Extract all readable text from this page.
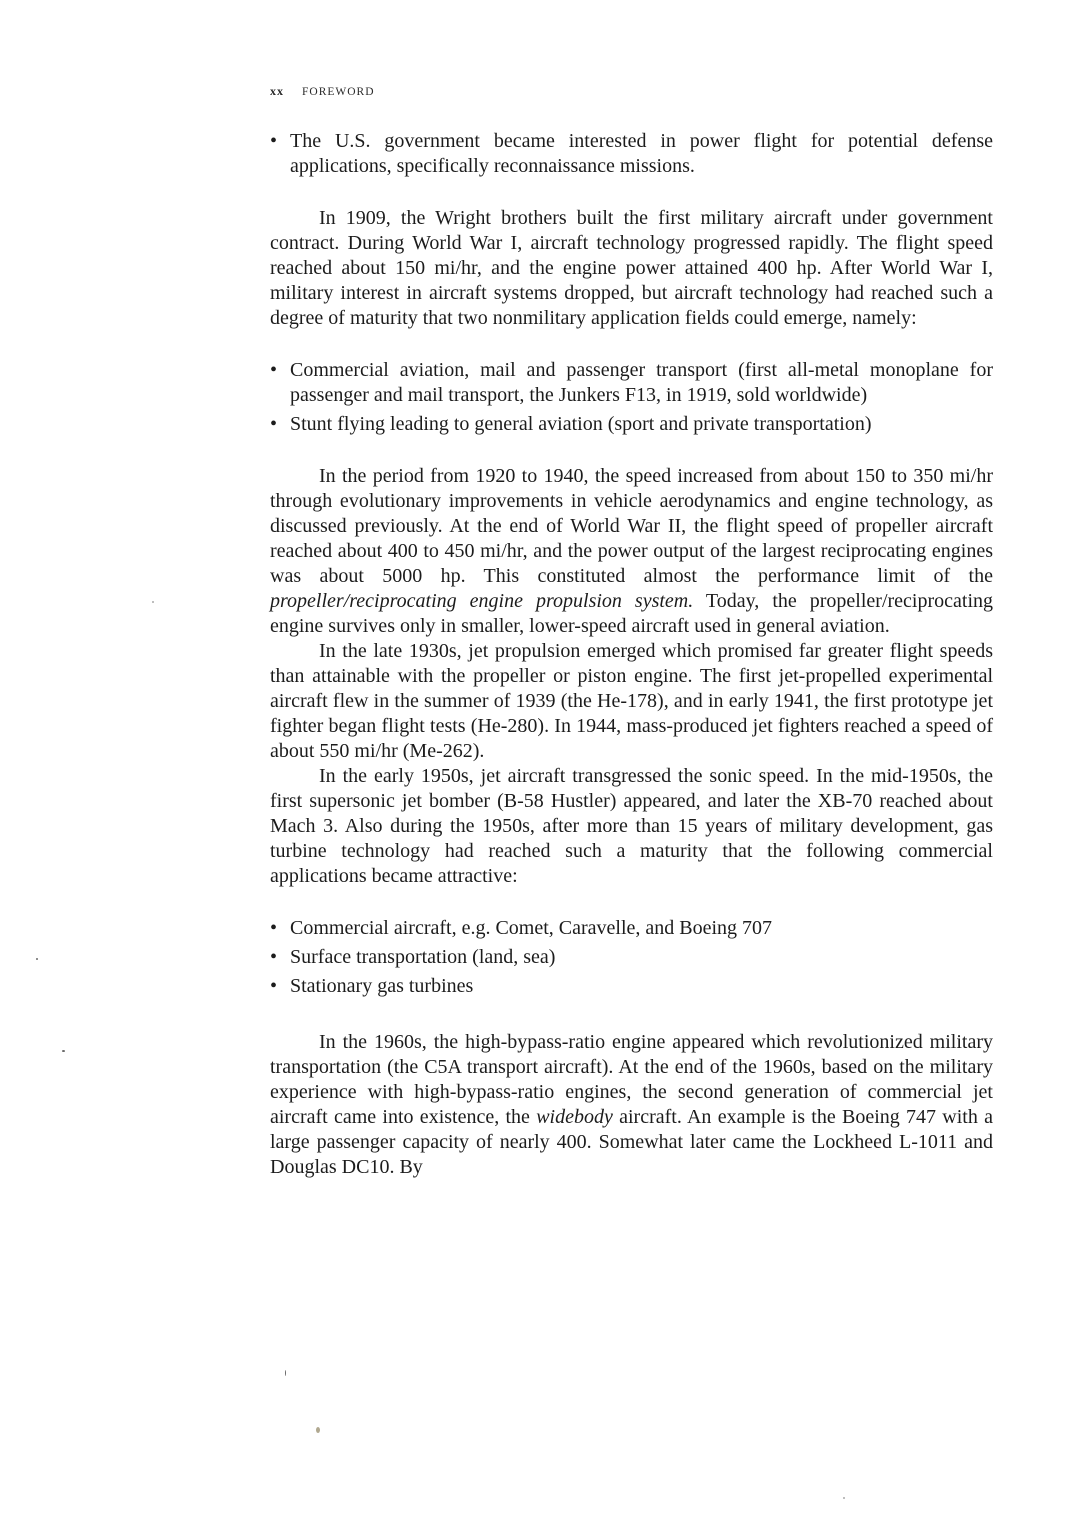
xx FOREWORD
• The U.S. government became interested in power flight for potential defense applications, specifically reconnaissance missions.

In 1909, the Wright brothers built the first military aircraft under government contract. During World War I, aircraft technology progressed rapidly. The flight speed reached about 150 mi/hr, and the engine power attained 400 hp. After World War I, military interest in aircraft systems dropped, but aircraft technology had reached such a degree of maturity that two nonmilitary application fields could emerge, namely:

• Commercial aviation, mail and passenger transport (first all-metal monoplane for passenger and mail transport, the Junkers F13, in 1919, sold worldwide)
• Stunt flying leading to general aviation (sport and private transportation)

In the period from 1920 to 1940, the speed increased from about 150 to 350 mi/hr through evolutionary improvements in vehicle aerodynamics and engine technology, as discussed previously. At the end of World War II, the flight speed of propeller aircraft reached about 400 to 450 mi/hr, and the power output of the largest reciprocating engines was about 5000 hp. This constituted almost the performance limit of the propeller/reciprocating engine propulsion system. Today, the propeller/reciprocating engine survives only in smaller, lower-speed aircraft used in general aviation.

In the late 1930s, jet propulsion emerged which promised far greater flight speeds than attainable with the propeller or piston engine. The first jet-propelled experimental aircraft flew in the summer of 1939 (the He-178), and in early 1941, the first prototype jet fighter began flight tests (He-280). In 1944, mass-produced jet fighters reached a speed of about 550 mi/hr (Me-262).

In the early 1950s, jet aircraft transgressed the sonic speed. In the mid-1950s, the first supersonic jet bomber (B-58 Hustler) appeared, and later the XB-70 reached about Mach 3. Also during the 1950s, after more than 15 years of military development, gas turbine technology had reached such a maturity that the following commercial applications became attractive:

• Commercial aircraft, e.g. Comet, Caravelle, and Boeing 707
• Surface transportation (land, sea)
• Stationary gas turbines

In the 1960s, the high-bypass-ratio engine appeared which revolutionized military transportation (the C5A transport aircraft). At the end of the 1960s, based on the military experience with high-bypass-ratio engines, the second generation of commercial jet aircraft came into existence, the widebody aircraft. An example is the Boeing 747 with a large passenger capacity of nearly 400. Somewhat later came the Lockheed L-1011 and Douglas DC10. By
